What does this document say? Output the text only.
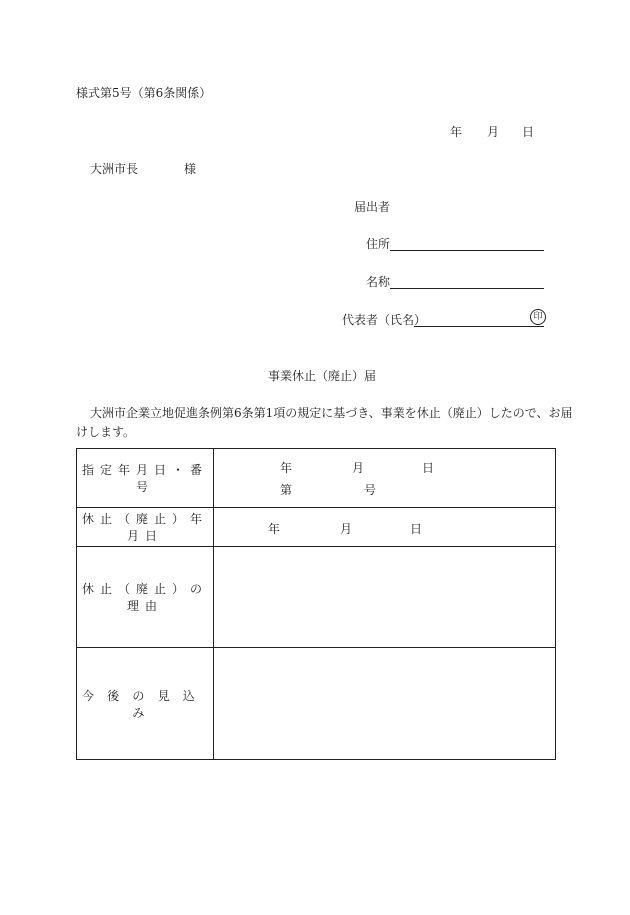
様式第5号（第6条関係）
年 月 日
大洲市長	様
届出者
住所
名称
代表者（氏名）	印
事業休止（廃止）届
大洲市企業立地促進条例第6条第1項の規定に基づき、事業を休止（廃止）したので、お届
けします。
指定年月日・番号	年 月 日
第 号

休止（廃止）年月日	年 月 日

休止（廃止）の理由	
今後の見込み	
